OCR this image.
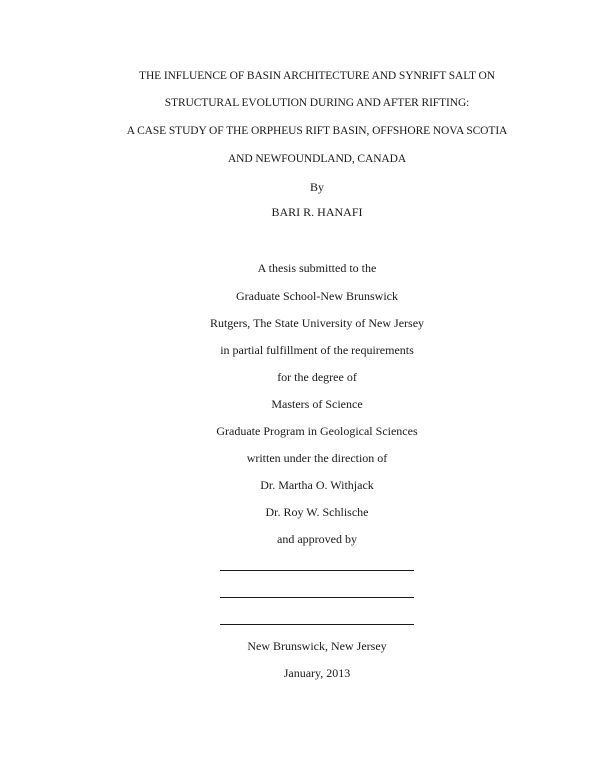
THE INFLUENCE OF BASIN ARCHITECTURE AND SYNRIFT SALT ON
STRUCTURAL EVOLUTION DURING AND AFTER RIFTING:
A CASE STUDY OF THE ORPHEUS RIFT BASIN, OFFSHORE NOVA SCOTIA
AND NEWFOUNDLAND, CANADA
By
BARI R. HANAFI
A thesis submitted to the
Graduate School-New Brunswick
Rutgers, The State University of New Jersey
in partial fulfillment of the requirements
for the degree of
Masters of Science
Graduate Program in Geological Sciences
written under the direction of
Dr. Martha O. Withjack
Dr. Roy W. Schlische
and approved by
New Brunswick, New Jersey
January, 2013
